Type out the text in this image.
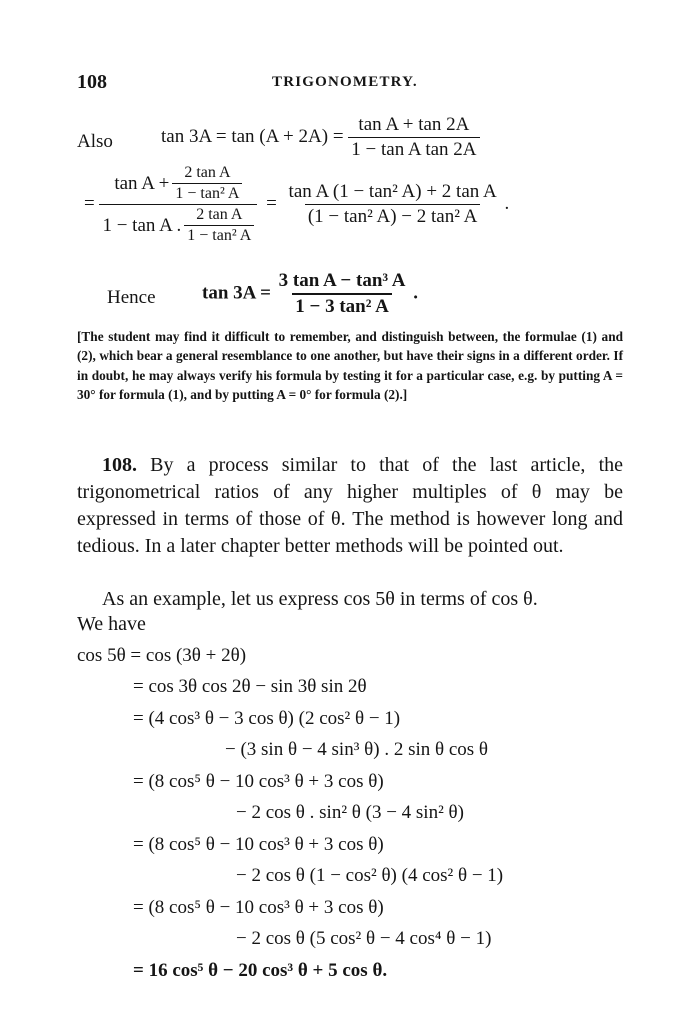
108	TRIGONOMETRY.
Also	$\tan 3A = \tan (A + 2A) = \frac{\text{tan A + tan 2A}}{\text{1 − tan A tan 2A}}$
= $\frac{\tan A + \frac{\text{2 tan A}}{\text{1 − tan² A}}}{1 - \tan A . \frac{\text{2 tan A}}{\text{1 − tan² A}}} = \frac{\text{tan A (1 − tan² A) + 2 tan A}}{\text{(1 − tan² A) − 2 tan² A}}$ .
Hence $\tan 3A = \frac{\text{3 tan A − tan³ A}}{\text{1 − 3 tan² A}}$ .
[The student may find it difficult to remember, and distinguish between, the formulae (1) and (2), which bear a general resemblance to one another, but have their signs in a different order. If in doubt, he may always verify his formula by testing it for a particular case, e.g. by putting A = 30° for formula (1), and by putting A = 0° for formula (2).]
108. By a process similar to that of the last article, the trigonometrical ratios of any higher multiples of θ may be expressed in terms of those of θ. The method is however long and tedious. In a later chapter better methods will be pointed out.
As an example, let us express cos 5θ in terms of cos θ.
We have
cos 5θ = cos (3θ + 2θ)
= cos 3θ cos 2θ − sin 3θ sin 2θ
= (4 cos³ θ − 3 cos θ) (2 cos² θ − 1)
− (3 sin θ − 4 sin³ θ) . 2 sin θ cos θ
= (8 cos⁵ θ − 10 cos³ θ + 3 cos θ)
− 2 cos θ . sin² θ (3 − 4 sin² θ)
= (8 cos⁵ θ − 10 cos³ θ + 3 cos θ)
− 2 cos θ (1 − cos² θ) (4 cos² θ − 1)
= (8 cos⁵ θ − 10 cos³ θ + 3 cos θ)
− 2 cos θ (5 cos² θ − 4 cos⁴ θ − 1)
= 16 cos⁵ θ − 20 cos³ θ + 5 cos θ.
